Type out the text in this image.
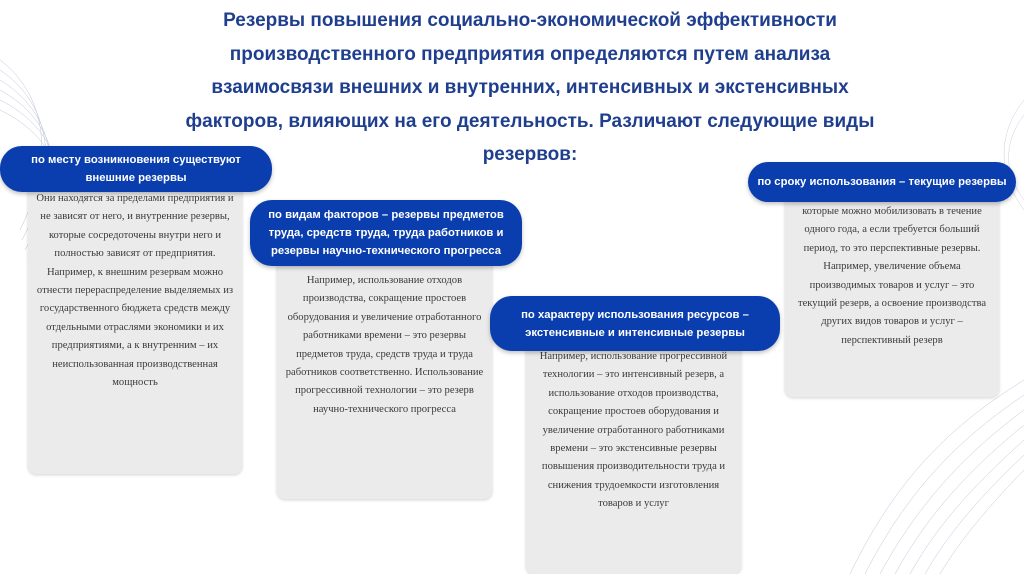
Резервы повышения социально-экономической эффективности производственного предприятия определяются путем анализа взаимосвязи внешних и внутренних, интенсивных и экстенсивных факторов, влияющих на его деятельность. Различают следующие виды резервов:
Они находятся за пределами предприятия и не зависят от него, и внутренние резервы, которые сосредоточены внутри него и полностью зависят от предприятия. Например, к внешним резервам можно отнести перераспределение выделяемых из государственного бюджета средств между отдельными отраслями экономики и их предприятиями, а к внутренним – их неиспользованная производственная мощность
по месту возникновения существуют внешние резервы
Например, использование отходов производства, сокращение простоев оборудования и увеличение отработанного работниками времени – это резервы предметов труда, средств труда и труда работников соответственно. Использование прогрессивной технологии – это резерв научно-технического прогресса
по видам факторов – резервы предметов труда, средств труда, труда работников и резервы научно-технического прогресса
Например, использование прогрессивной технологии – это интенсивный резерв, а использование отходов производства, сокращение простоев оборудования и увеличение отработанного работниками времени – это экстенсивные резервы повышения производительности труда и снижения трудоемкости изготовления товаров и услуг
по характеру использования ресурсов – экстенсивные и интенсивные резервы
которые можно мобилизовать в течение одного года, а если требуется больший период, то это перспективные резервы. Например, увеличение объема производимых товаров и услуг – это текущий резерв, а освоение производства других видов товаров и услуг – перспективный резерв
по сроку использования – текущие резервы
